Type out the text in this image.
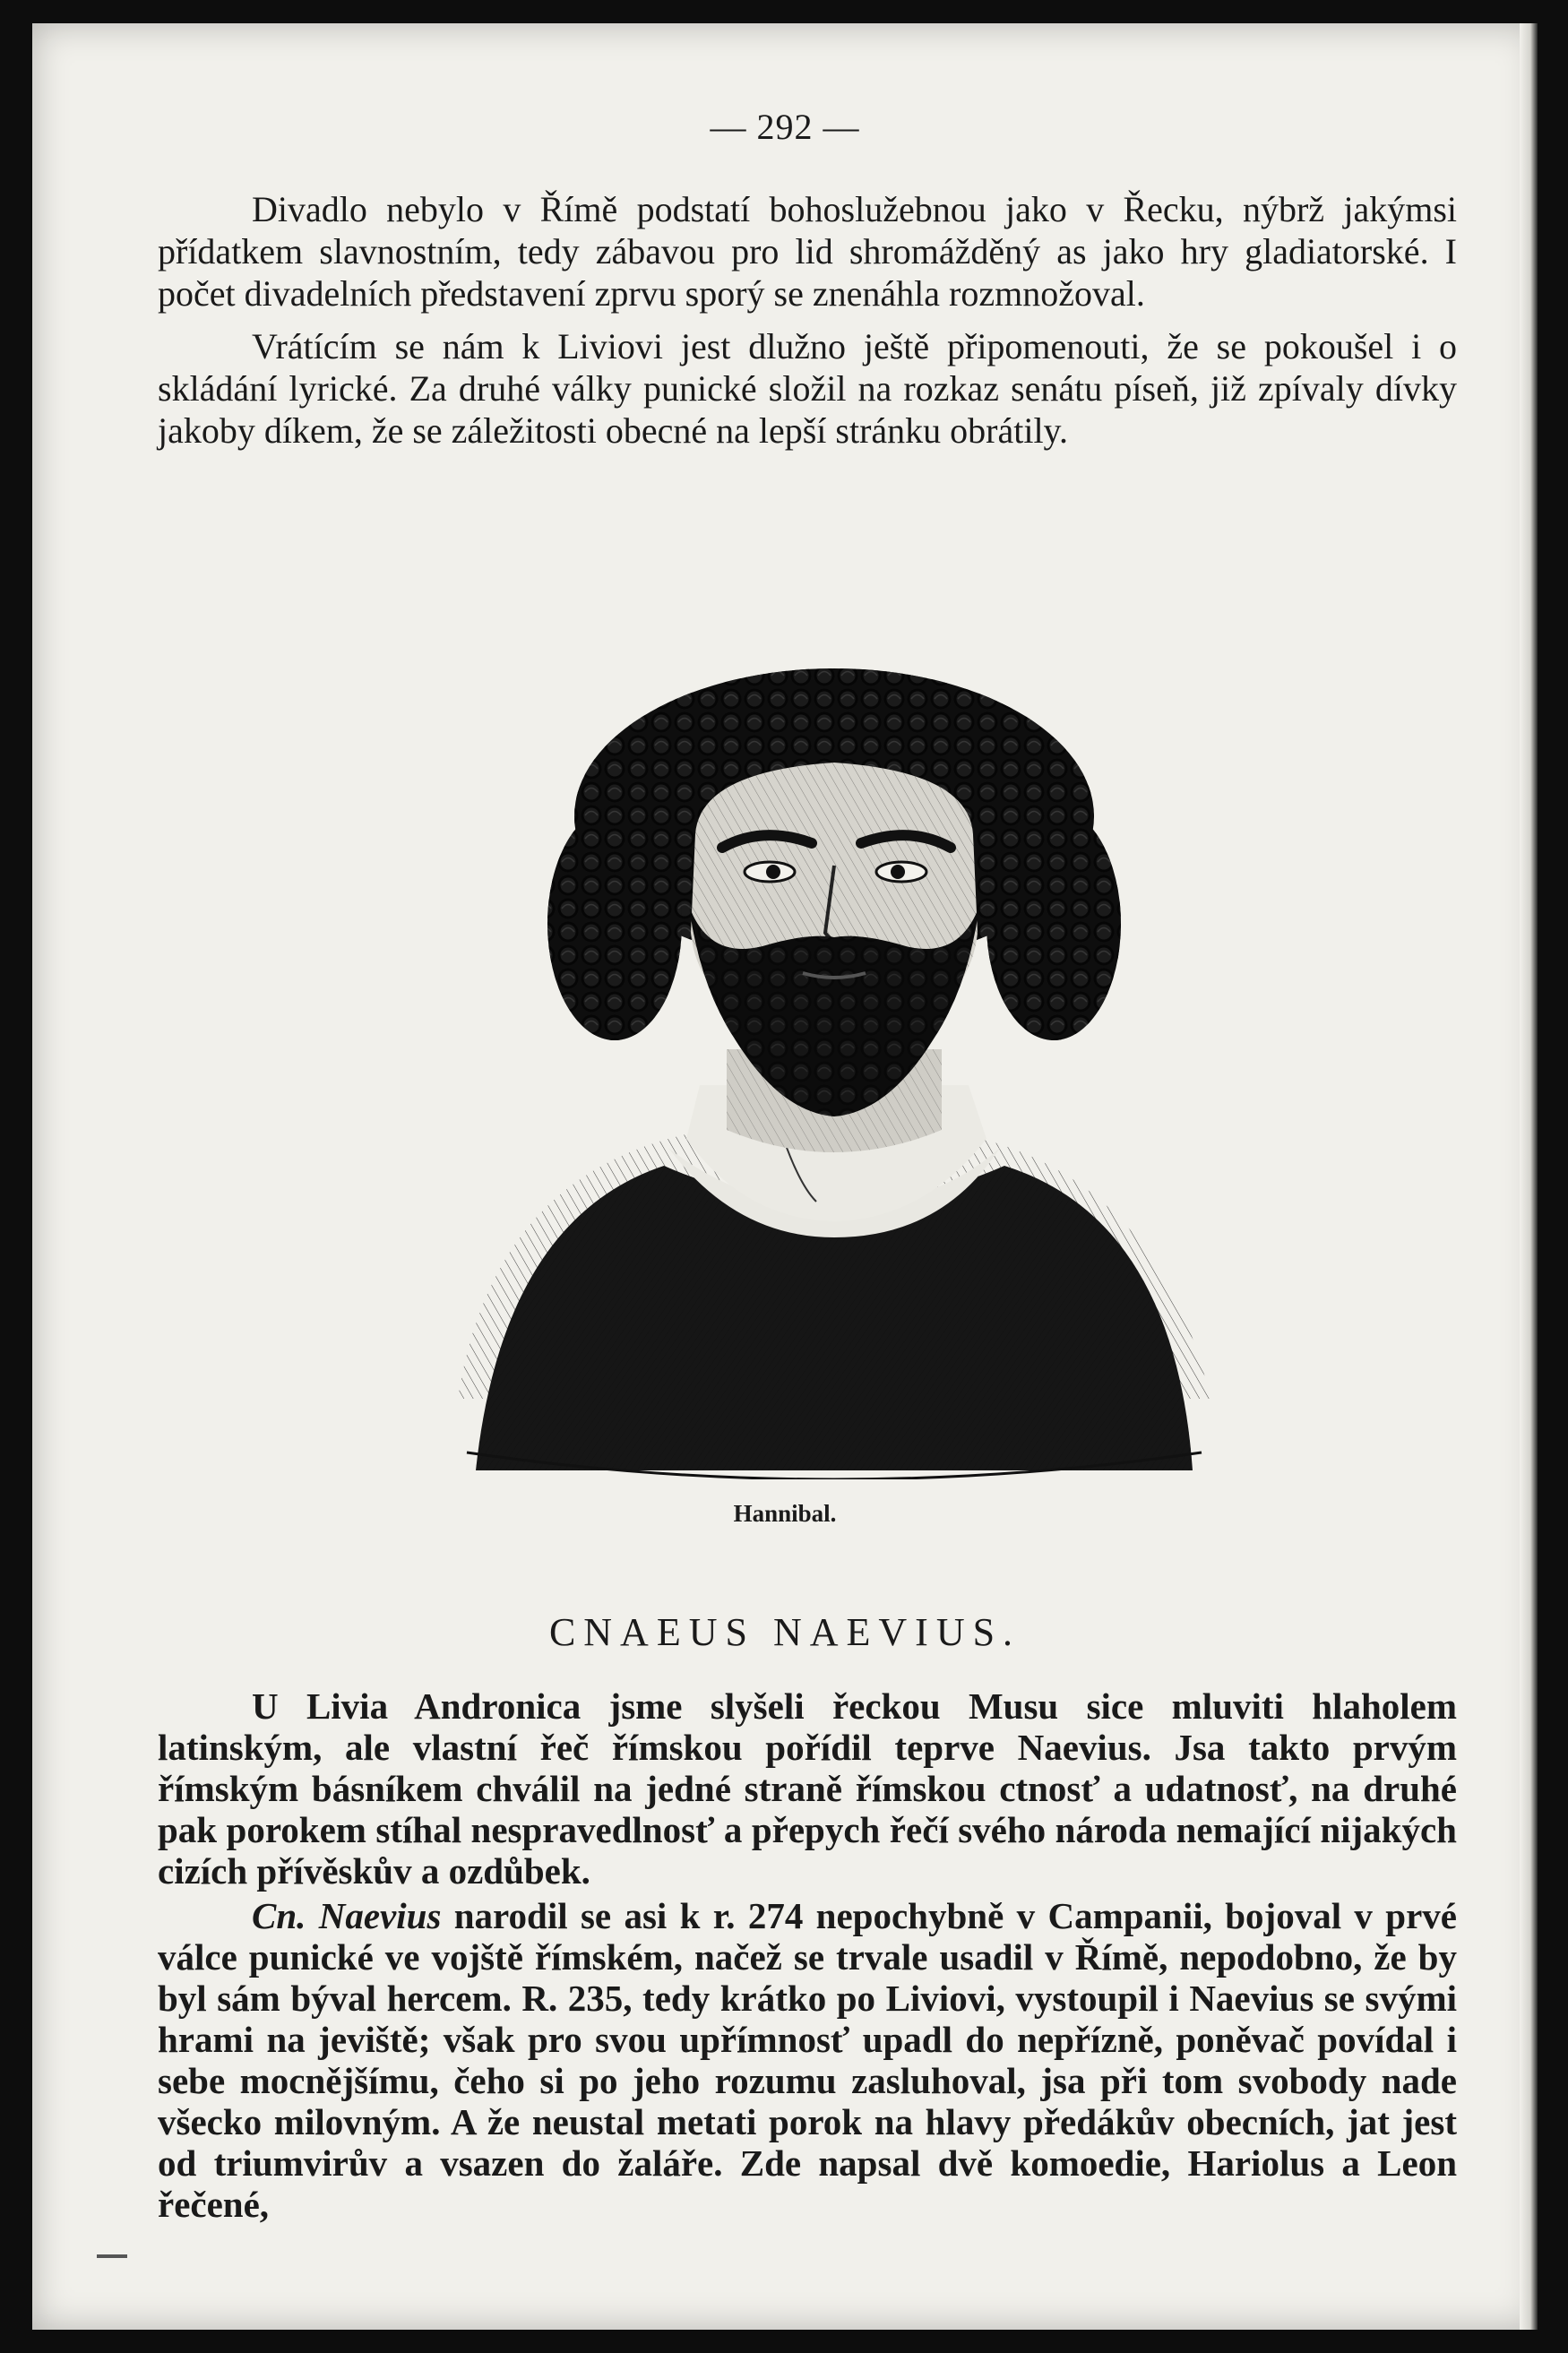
— 292 —

Divadlo nebylo v Římě podstatí bohoslužebnou jako v Řecku, nýbrž jakýmsi přídatkem slavnostním, tedy zábavou pro lid shromážděný as jako hry gladiatorské. I počet divadelních představení zprvu sporý se znenáhla rozmnožoval.

Vrátícím se nám k Liviovi jest dlužno ještě připomenouti, že se pokoušel i o skládání lyrické. Za druhé války punické složil na rozkaz senátu píseň, již zpívaly dívky jakoby díkem, že se záležitosti obecné na lepší stránku obrátily.

Hannibal.
CNAEUS NAEVIUS.

U Livia Andronica jsme slyšeli řeckou Musu sice mluviti hlaholem latinským, ale vlastní řeč římskou pořídil teprve Naevius. Jsa takto prvým římským básníkem chválil na jedné straně římskou ctnosť a udatnosť, na druhé pak porokem stíhal nespravedlnosť a přepych řečí svého národa nemající nijakých cizích přívěskův a ozdůbek.

Cn. Naevius narodil se asi k r. 274 nepochybně v Campanii, bojoval v prvé válce punické ve vojště římském, načež se trvale usadil v Římě, nepodobno, že by byl sám býval hercem. R. 235, tedy krátko po Liviovi, vystoupil i Naevius se svými hrami na jeviště; však pro svou upřímnosť upadl do nepřízně, poněvač povídal i sebe mocnějšímu, čeho si po jeho rozumu zasluhoval, jsa při tom svobody nade všecko milovným. A že neustal metati porok na hlavy předákův obecních, jat jest od triumvirův a vsazen do žaláře. Zde napsal dvě komoedie, Hariolus a Leon řečené,
